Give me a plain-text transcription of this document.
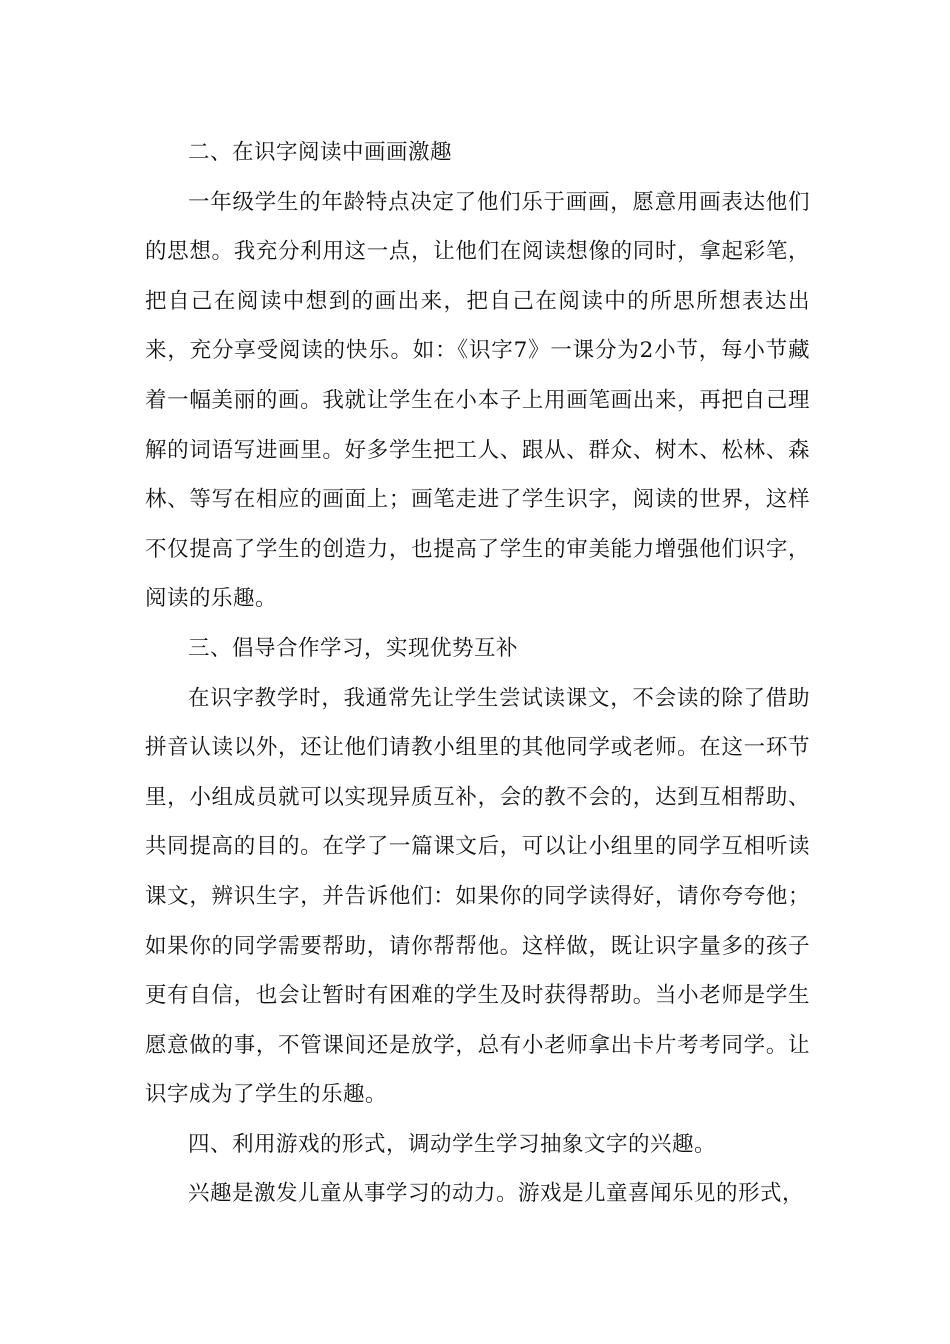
二、在识字阅读中画画激趣

一年级学生的年龄特点决定了他们乐于画画，愿意用画表达他们的思想。我充分利用这一点，让他们在阅读想像的同时，拿起彩笔，把自己在阅读中想到的画出来，把自己在阅读中的所思所想表达出来，充分享受阅读的快乐。如：《识字7》一课分为2小节，每小节藏着一幅美丽的画。我就让学生在小本子上用画笔画出来，再把自己理解的词语写进画里。好多学生把工人、跟从、群众、树木、松林、森林、等写在相应的画面上；画笔走进了学生识字，阅读的世界，这样不仅提高了学生的创造力，也提高了学生的审美能力增强他们识字，阅读的乐趣。

三、倡导合作学习，实现优势互补

在识字教学时，我通常先让学生尝试读课文，不会读的除了借助拼音认读以外，还让他们请教小组里的其他同学或老师。在这一环节里，小组成员就可以实现异质互补，会的教不会的，达到互相帮助、共同提高的目的。在学了一篇课文后，可以让小组里的同学互相听读课文，辨识生字，并告诉他们：如果你的同学读得好，请你夸夸他；如果你的同学需要帮助，请你帮帮他。这样做，既让识字量多的孩子更有自信，也会让暂时有困难的学生及时获得帮助。当小老师是学生愿意做的事，不管课间还是放学，总有小老师拿出卡片考考同学。让识字成为了学生的乐趣。

四、利用游戏的形式，调动学生学习抽象文字的兴趣。

兴趣是激发儿童从事学习的动力。游戏是儿童喜闻乐见的形式，
